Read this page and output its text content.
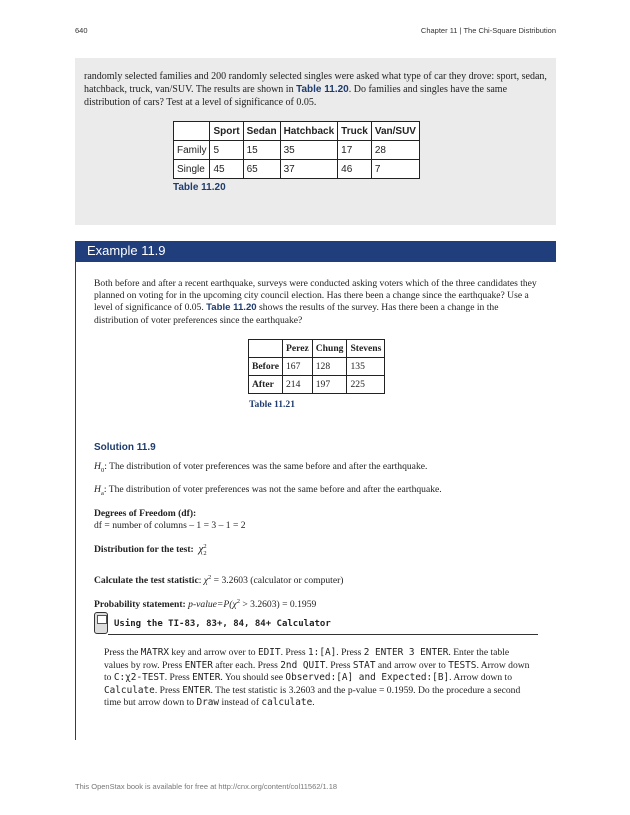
640	Chapter 11 | The Chi-Square Distribution
randomly selected families and 200 randomly selected singles were asked what type of car they drove: sport, sedan, hatchback, truck, van/SUV. The results are shown in Table 11.20. Do families and singles have the same distribution of cars? Test at a level of significance of 0.05.
	Sport	Sedan	Hatchback	Truck	Van/SUV
Family	5	15	35	17	28
Single	45	65	37	46	7
Table 11.20
Example 11.9
Both before and after a recent earthquake, surveys were conducted asking voters which of the three candidates they planned on voting for in the upcoming city council election. Has there been a change since the earthquake? Use a level of significance of 0.05. Table 11.20 shows the results of the survey. Has there been a change in the distribution of voter preferences since the earthquake?
	Perez	Chung	Stevens
Before	167	128	135
After	214	197	225
Table 11.21
Solution 11.9
$H_0$: The distribution of voter preferences was the same before and after the earthquake.
$H_a$: The distribution of voter preferences was not the same before and after the earthquake.
Degrees of Freedom (df):
df = number of columns – 1 = 3 – 1 = 2
Distribution for the test: χ2
2
Calculate the test statistic: $\chi^2 = 3.2603$ (calculator or computer)
Probability statement: $p-value=P(\chi^2 > 3.2603) = 0.1959$
Using the TI-83, 83+, 84, 84+ Calculator
Press the MATRX key and arrow over to EDIT. Press 1:[A]. Press 2 ENTER 3 ENTER. Enter the table values by row. Press ENTER after each. Press 2nd QUIT. Press STAT and arrow over to TESTS. Arrow down to C:χ2-TEST. Press ENTER. You should see Observed:[A] and Expected:[B]. Arrow down to Calculate. Press ENTER. The test statistic is 3.2603 and the p-value = 0.1959. Do the procedure a second time but arrow down to Draw instead of calculate.
This OpenStax book is available for free at http://cnx.org/content/col11562/1.18
